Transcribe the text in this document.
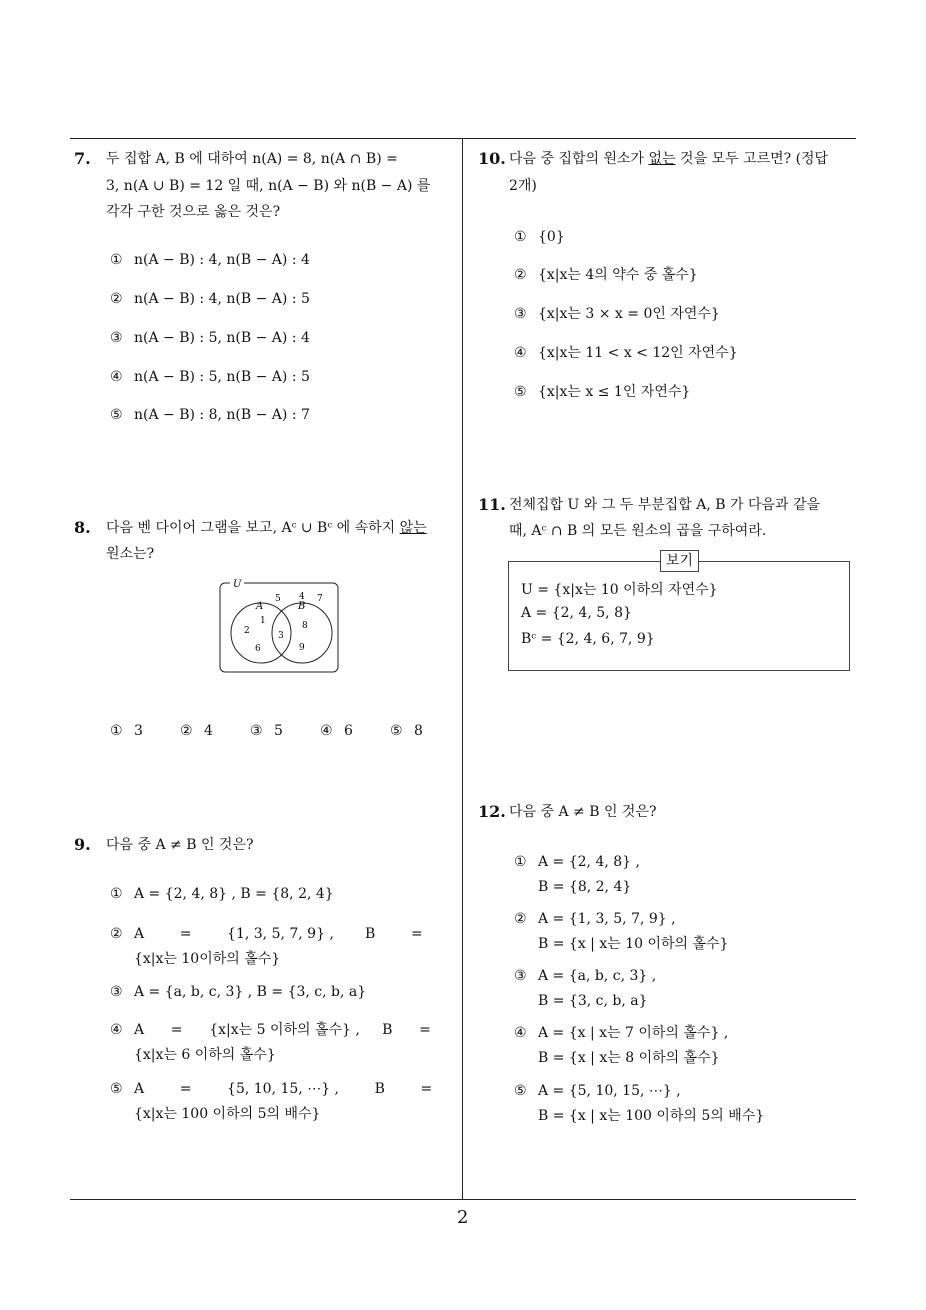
7. 두 집합 A, B 에 대하여 n(A) = 8, n(A ∩ B) =
3, n(A ∪ B) = 12 일 때, n(A − B) 와 n(B − A) 를
각각 구한 것으로 옳은 것은?
① n(A − B) : 4, n(B − A) : 4
② n(A − B) : 4, n(B − A) : 5
③ n(A − B) : 5, n(B − A) : 4
④ n(A − B) : 5, n(B − A) : 5
⑤ n(A − B) : 8, n(B − A) : 7
8. 다음 벤 다이어 그램을 보고, Aᶜ ∪ Bᶜ 에 속하지 않는
원소는?
U
A	B
5 4 7
2
1
6
3
8
9
① 3	② 4	③ 5	④ 6	⑤ 8
9. 다음 중 A ≠ B 인 것은?
① A = {2, 4, 8} , B = {8, 2, 4}
② A        =        {1, 3, 5, 7, 9} ,       B        =
{x|x는 10이하의 홀수}
③ A = {a, b, c, 3} , B = {3, c, b, a}
④ A      =      {x|x는 5 이하의 홀수} ,     B      =
{x|x는 6 이하의 홀수}
⑤ A        =        {5, 10, 15, ⋯} ,        B        =
{x|x는 100 이하의 5의 배수}
10. 다음 중 집합의 원소가 없는 것을 모두 고르면? (정답
2개)
① {0}
② {x|x는 4의 약수 중 홀수}
③ {x|x는 3 × x = 0인 자연수}
④ {x|x는 11 < x < 12인 자연수}
⑤ {x|x는 x ≤ 1인 자연수}
11. 전체집합 U 와 그 두 부분집합 A, B 가 다음과 같을
때, Aᶜ ∩ B 의 모든 원소의 곱을 구하여라.
보기
U = {x|x는 10 이하의 자연수}
A = {2, 4, 5, 8}
Bᶜ = {2, 4, 6, 7, 9}
12. 다음 중 A ≠ B 인 것은?
① A = {2, 4, 8} ,
B = {8, 2, 4}
② A = {1, 3, 5, 7, 9} ,
B = {x | x는 10 이하의 홀수}
③ A = {a, b, c, 3} ,
B = {3, c, b, a}
④ A = {x | x는 7 이하의 홀수} ,
B = {x | x는 8 이하의 홀수}
⑤ A = {5, 10, 15, ⋯} ,
B = {x | x는 100 이하의 5의 배수}
2
